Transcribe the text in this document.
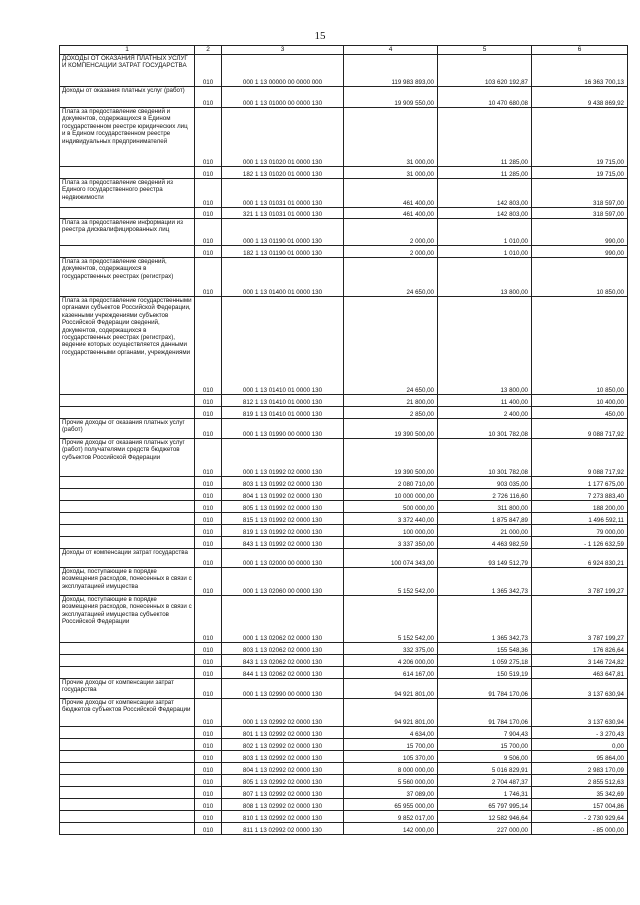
15
1	2	3	4	5	6
ДОХОДЫ ОТ ОКАЗАНИЯ ПЛАТНЫХ УСЛУГ И КОМПЕНСАЦИИ ЗАТРАТ ГОСУДАРСТВА	010	000 1 13 00000 00 0000 000	119 983 893,00	103 620 192,87	16 363 700,13
Доходы от оказания платных услуг (работ)	010	000 1 13 01000 00 0000 130	19 909 550,00	10 470 680,08	9 438 869,92
Плата за предоставление сведений и документов, содержащихся в Едином государственном реестре юридических лиц и в Едином государственном реестре индивидуальных предпринимателей	010	000 1 13 01020 01 0000 130	31 000,00	11 285,00	19 715,00
	010	182 1 13 01020 01 0000 130	31 000,00	11 285,00	19 715,00
Плата за предоставление сведений из Единого государственного реестра недвижимости	010	000 1 13 01031 01 0000 130	461 400,00	142 803,00	318 597,00
	010	321 1 13 01031 01 0000 130	461 400,00	142 803,00	318 597,00
Плата за предоставление информации из реестра дисквалифицированных лиц	010	000 1 13 01190 01 0000 130	2 000,00	1 010,00	990,00
	010	182 1 13 01190 01 0000 130	2 000,00	1 010,00	990,00
Плата за предоставление сведений, документов, содержащихся в государственных реестрах (регистрах)	010	000 1 13 01400 01 0000 130	24 650,00	13 800,00	10 850,00
Плата за предоставление государственными органами субъектов Российской Федерации, казенными учреждениями субъектов Российской Федерации сведений, документов, содержащихся в государственных реестрах (регистрах), ведение которых осуществляется данными государственными органами, учреждениями	010	000 1 13 01410 01 0000 130	24 650,00	13 800,00	10 850,00
	010	812 1 13 01410 01 0000 130	21 800,00	11 400,00	10 400,00
	010	819 1 13 01410 01 0000 130	2 850,00	2 400,00	450,00
Прочие доходы от оказания платных услуг (работ)	010	000 1 13 01990 00 0000 130	19 390 500,00	10 301 782,08	9 088 717,92
Прочие доходы от оказания платных услуг (работ) получателями средств бюджетов субъектов Российской Федерации	010	000 1 13 01992 02 0000 130	19 390 500,00	10 301 782,08	9 088 717,92
	010	803 1 13 01992 02 0000 130	2 080 710,00	903 035,00	1 177 675,00
	010	804 1 13 01992 02 0000 130	10 000 000,00	2 726 116,60	7 273 883,40
	010	805 1 13 01992 02 0000 130	500 000,00	311 800,00	188 200,00
	010	815 1 13 01992 02 0000 130	3 372 440,00	1 875 847,89	1 496 592,11
	010	819 1 13 01992 02 0000 130	100 000,00	21 000,00	79 000,00
	010	843 1 13 01992 02 0000 130	3 337 350,00	4 463 982,59	- 1 126 632,59
Доходы от компенсации затрат государства	010	000 1 13 02000 00 0000 130	100 074 343,00	93 149 512,79	6 924 830,21
Доходы, поступающие в порядке возмещения расходов, понесенных в связи с эксплуатацией имущества	010	000 1 13 02060 00 0000 130	5 152 542,00	1 365 342,73	3 787 199,27
Доходы, поступающие в порядке возмещения расходов, понесенных в связи с эксплуатацией имущества субъектов Российской Федерации	010	000 1 13 02062 02 0000 130	5 152 542,00	1 365 342,73	3 787 199,27
	010	803 1 13 02062 02 0000 130	332 375,00	155 548,36	176 826,64
	010	843 1 13 02062 02 0000 130	4 206 000,00	1 059 275,18	3 146 724,82
	010	844 1 13 02062 02 0000 130	614 167,00	150 519,19	463 647,81
Прочие доходы от компенсации затрат государства	010	000 1 13 02990 00 0000 130	94 921 801,00	91 784 170,06	3 137 630,94
Прочие доходы от компенсации затрат бюджетов субъектов Российской Федерации	010	000 1 13 02992 02 0000 130	94 921 801,00	91 784 170,06	3 137 630,94
	010	801 1 13 02992 02 0000 130	4 634,00	7 904,43	- 3 270,43
	010	802 1 13 02992 02 0000 130	15 700,00	15 700,00	0,00
	010	803 1 13 02992 02 0000 130	105 370,00	9 506,00	95 864,00
	010	804 1 13 02992 02 0000 130	8 000 000,00	5 016 829,91	2 983 170,09
	010	805 1 13 02992 02 0000 130	5 560 000,00	2 704 487,37	2 855 512,63
	010	807 1 13 02992 02 0000 130	37 089,00	1 746,31	35 342,69
	010	808 1 13 02992 02 0000 130	65 955 000,00	65 797 995,14	157 004,86
	010	810 1 13 02992 02 0000 130	9 852 017,00	12 582 946,64	- 2 730 929,64
	010	811 1 13 02992 02 0000 130	142 000,00	227 000,00	- 85 000,00
